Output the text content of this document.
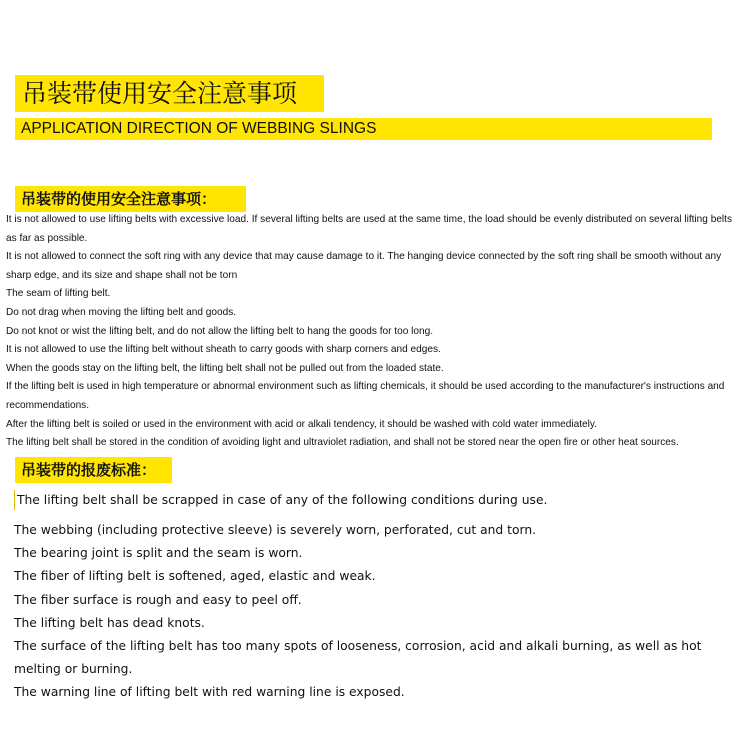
吊装带使用安全注意事项
APPLICATION DIRECTION OF WEBBING SLINGS
吊装带的使用安全注意事项：
It is not allowed to use lifting belts with excessive load. If several lifting belts are used at the same time, the load should be evenly distributed on several lifting belts as far as possible.
It is not allowed to connect the soft ring with any device that may cause damage to it. The hanging device connected by the soft ring shall be smooth without any sharp edge, and its size and shape shall not be torn
The seam of lifting belt.
Do not drag when moving the lifting belt and goods.
Do not knot or wist the lifting belt, and do not allow the lifting belt to hang the goods for too long.
It is not allowed to use the lifting belt without sheath to carry goods with sharp corners and edges.
When the goods stay on the lifting belt, the lifting belt shall not be pulled out from the loaded state.
If the lifting belt is used in high temperature or abnormal environment such as lifting chemicals, it should be used according to the manufacturer's instructions and recommendations.
After the lifting belt is soiled or used in the environment with acid or alkali tendency, it should be washed with cold water immediately.
The lifting belt shall be stored in the condition of avoiding light and ultraviolet radiation, and shall not be stored near the open fire or other heat sources.
吊装带的报废标准：
The lifting belt shall be scrapped in case of any of the following conditions during use.
The webbing (including protective sleeve) is severely worn, perforated, cut and torn.
The bearing joint is split and the seam is worn.
The fiber of lifting belt is softened, aged, elastic and weak.
The fiber surface is rough and easy to peel off.
The lifting belt has dead knots.
The surface of the lifting belt has too many spots of looseness, corrosion, acid and alkali burning, as well as hot melting or burning.
The warning line of lifting belt with red warning line is exposed.
